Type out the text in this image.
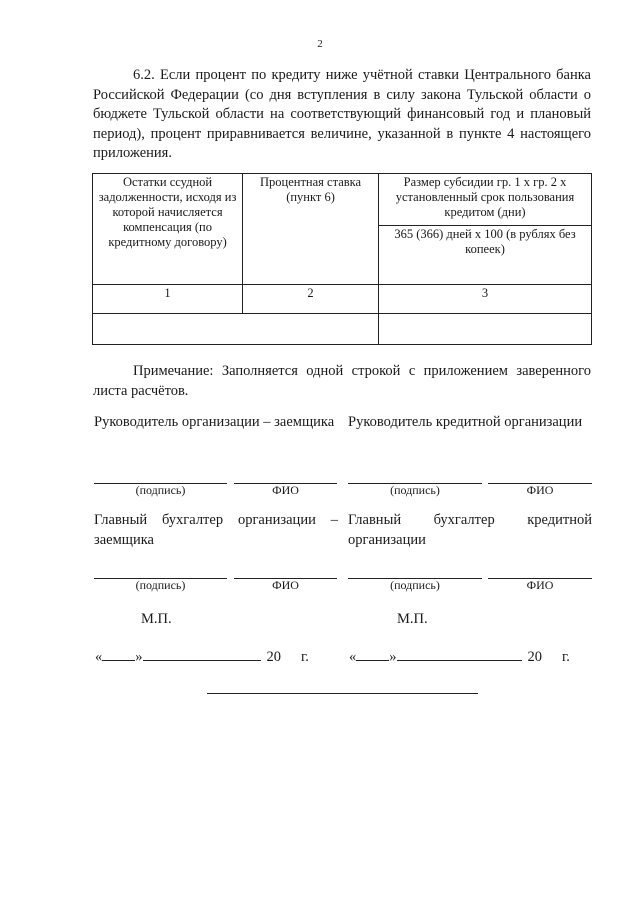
2

6.2. Если процент по кредиту ниже учётной ставки Центрального банка Российской Федерации (со дня вступления в силу закона Тульской области о бюджете Тульской области на соответствующий финансовый год и плановый период), процент приравнивается величине, указанной в пункте 4 настоящего приложения.

Остатки ссудной задолженности, исходя из которой начисляется компенсация (по кредитному договору)	Процентная ставка (пункт 6)	Размер субсидии гр. 1 х гр. 2 х установленный срок пользования кредитом (дни)
		365 (366) дней х 100 (в рублях без копеек)
1	2	3

Примечание: Заполняется одной строкой с приложением заверенного листа расчётов.

Руководитель организации – заемщика Руководитель кредитной организации

(подпись)	ФИО	(подпись)	ФИО

Главный бухгалтер организации – заемщика

Главный бухгалтер кредитной организации

(подпись)	ФИО	(подпись)	ФИО
М.П.	М.П.
« »	20 г.	« »	20 г.
